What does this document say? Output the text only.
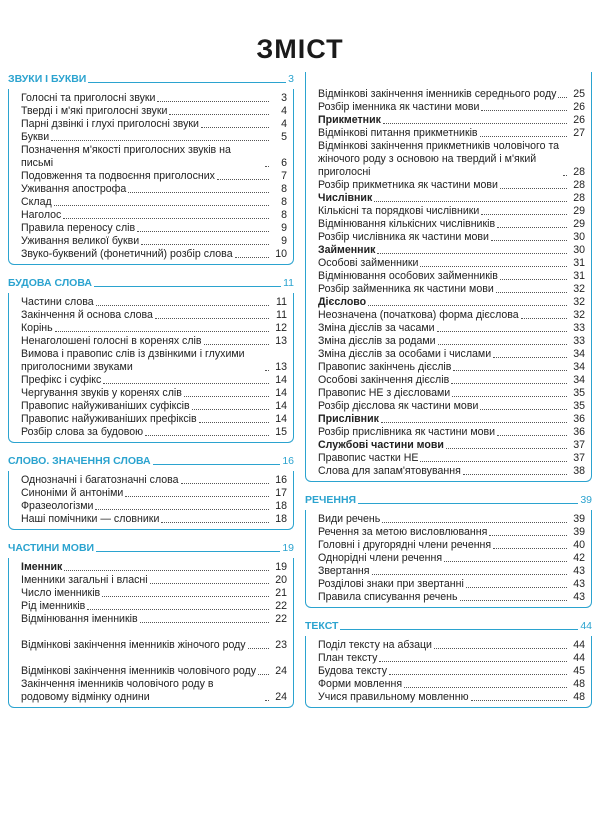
ЗМІСТ
ЗВУКИ І БУКВИ	3
Голосні та приголосні звуки	3
Тверді і м'які приголосні звуки	4
Парні дзвінкі і глухі приголосні звуки	4
Букви	5
Позначення м'якості приголосних звуків на письмі	6
Подовження та подвоєння приголосних	7
Уживання апострофа	8
Склад	8
Наголос	8
Правила переносу слів	9
Уживання великої букви	9
Звуко-буквений (фонетичний) розбір слова	10
БУДОВА СЛОВА	11
Частини слова	11
Закінчення й основа слова	11
Корінь	12
Ненаголошені голосні в коренях слів	13
Вимова і правопис слів із дзвінкими і глухими приголосними звуками	13
Префікс і суфікс	14
Чергування звуків у коренях слів	14
Правопис найуживаніших суфіксів	14
Правопис найуживаніших префіксів	14
Розбір слова за будовою	15
СЛОВО. ЗНАЧЕННЯ СЛОВА	16
Однозначні і багатозначні слова	16
Синоніми й антоніми	17
Фразеологізми	18
Наші помічники — словники	18
ЧАСТИНИ МОВИ	19
Іменник	19
Іменники загальні і власні	20
Число іменників	21
Рід іменників	22
Відмінювання іменників	22
Відмінкові закінчення іменників жіночого роду	23
Відмінкові закінчення іменників чоловічого роду	24
Закінчення іменників чоловічого роду в родовому відмінку однини	24
Відмінкові закінчення іменників середнього роду	25
Розбір іменника як частини мови	26
Прикметник	26
Відмінкові питання прикметників	27
Відмінкові закінчення прикметників чоловічого та жіночого роду з основою на твердий і м'який приголосні	28
Розбір прикметника як частини мови	28
Числівник	28
Кількісні та порядкові числівники	29
Відмінювання кількісних числівників	29
Розбір числівника як частини мови	30
Займенник	30
Особові займенники	31
Відмінювання особових займенників	31
Розбір займенника як частини мови	32
Дієслово	32
Неозначена (початкова) форма дієслова	32
Зміна дієслів за часами	33
Зміна дієслів за родами	33
Зміна дієслів за особами і числами	34
Правопис закінчень дієслів	34
Особові закінчення дієслів	34
Правопис НЕ з дієсловами	35
Розбір дієслова як частини мови	35
Прислівник	36
Розбір прислівника як частини мови	36
Службові частини мови	37
Правопис частки НЕ	37
Слова для запам'ятовування	38
РЕЧЕННЯ	39
Види речень	39
Речення за метою висловлювання	39
Головні і другорядні члени речення	40
Однорідні члени речення	42
Звертання	43
Розділові знаки при звертанні	43
Правила списування речень	43
ТЕКСТ	44
Поділ тексту на абзаци	44
План тексту	44
Будова тексту	45
Форми мовлення	48
Учися правильному мовленню	48
